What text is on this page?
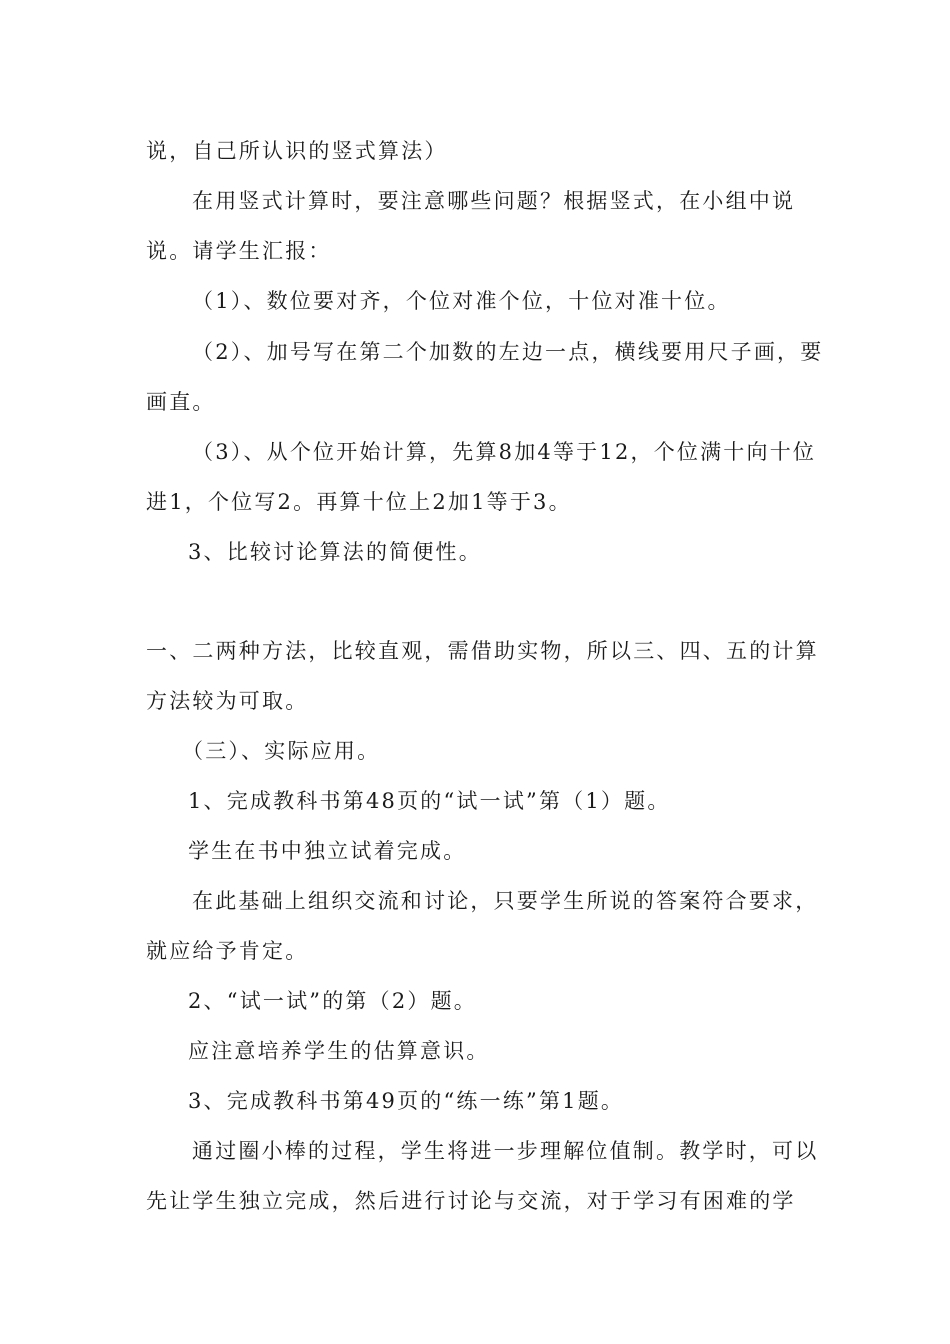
说，自己所认识的竖式算法）
在用竖式计算时，要注意哪些问题？根据竖式，在小组中说
说。请学生汇报：
（1）、数位要对齐，个位对准个位，十位对准十位。
（2）、加号写在第二个加数的左边一点，横线要用尺子画，要
画直。
（3）、从个位开始计算，先算8加4等于12，个位满十向十位
进1，个位写2。再算十位上2加1等于3。
3、比较讨论算法的简便性。
一、二两种方法，比较直观，需借助实物，所以三、四、五的计算
方法较为可取。
（三）、实际应用。
1、完成教科书第48页的“试一试”第（1）题。
学生在书中独立试着完成。
在此基础上组织交流和讨论，只要学生所说的答案符合要求，
就应给予肯定。
2、“试一试”的第（2）题。
应注意培养学生的估算意识。
3、完成教科书第49页的“练一练”第1题。
通过圈小棒的过程，学生将进一步理解位值制。教学时，可以
先让学生独立完成，然后进行讨论与交流，对于学习有困难的学
